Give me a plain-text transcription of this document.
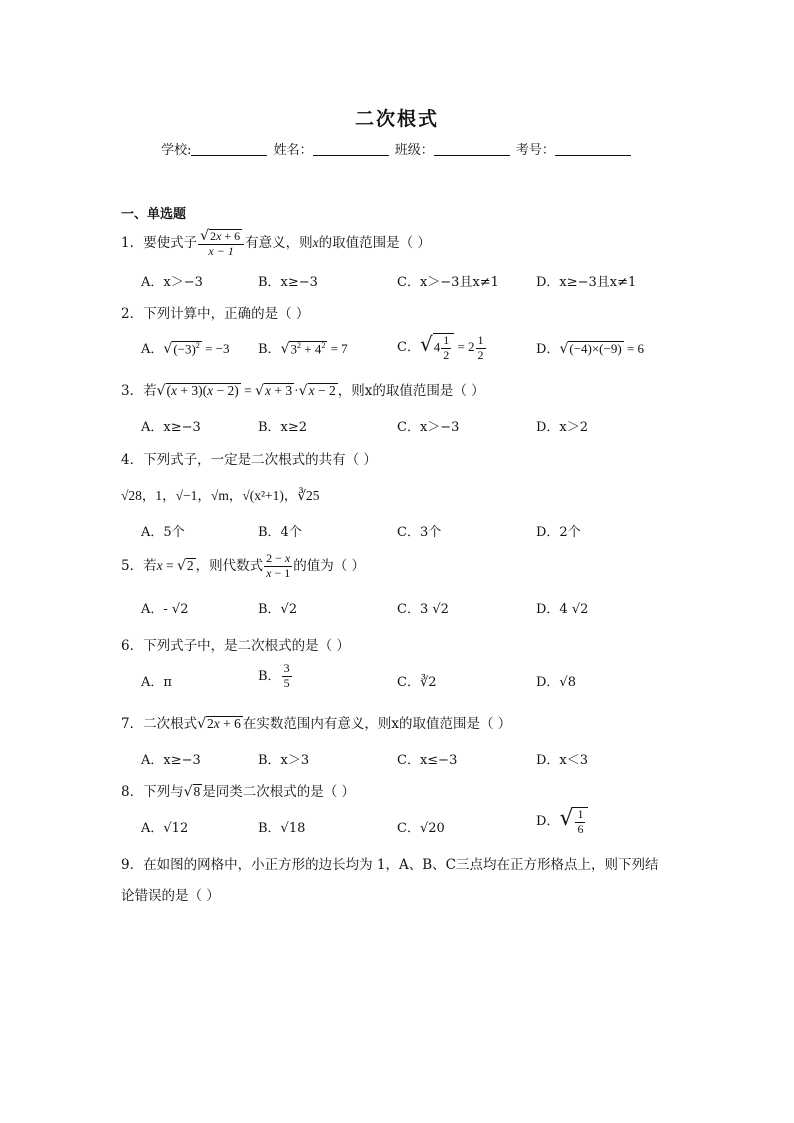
二次根式
学校:	姓名：	班级：	考号：
一、单选题
1．要使式子 $\frac{√2x + 6}{x - 1}$ 有意义，则x的取值范围是（ ）
A．x＞−3	B．x≥−3	C．x＞−3且x≠1	D．x≥−3且x≠1
2．下列计算中，正确的是（ ）
A．$√(-3)^2 = -3$ B．$√3^2 + 4^2 = 7$	C．$√4 \frac{1}{2} = 2 \frac{1}{2}$	D．√(−4)×(−9) = 6
3．若√(x + 3)(x − 2) = √x + 3 ·√x − 2 ，则x的取值范围是（ ）
A．x≥−3	B．x≥2	C．x＞−3	D．x＞2
4．下列式子，一定是二次根式的共有（ ）
√28，1，√−1，√m，√(x²+1)，∛25
A．5个	B．4个	C．3个	D．2个
5．若x = √2 ，则代数式 $\frac{2 - x}{x - 1}$ 的值为（ ）
A．- √2	B．√2	C．3 √2	D．4 √2
6．下列式子中，是二次根式的是（ ）
A．π	B． $\frac{3}{5}$	C．∛2	D．√8
7．二次根式√2x + 6 在实数范围内有意义，则x的取值范围是（ ）
A．x≥−3	B．x＞3	C．x≤−3	D．x＜3
8．下列与√8 是同类二次根式的是（ ）
A．√12	B．√18	C．√20	D．√ $\frac{1}{6}$
9．在如图的网格中，小正方形的边长均为 1，A、B、C三点均在正方形格点上，则下列结
论错误的是（ ）
